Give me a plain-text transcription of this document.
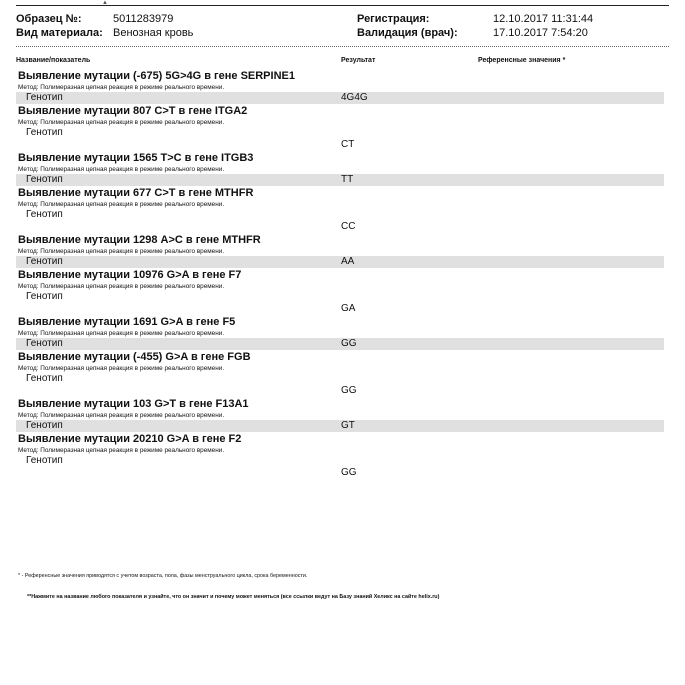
▲
Образец №:	5011283979
Вид материала: Венозная кровь
Регистрация:	12.10.2017 11:31:44
Валидация (врач):	17.10.2017 7:54:20
Название/показатель	Результат	Референсные значения *
Выявление мутации (-675) 5G>4G в гене SERPINE1
Метод: Полимеразная цепная реакция в режиме реального времени.
Генотип	4G4G
Выявление мутации 807 C>T в гене ITGA2
Метод: Полимеразная цепная реакция в режиме реального времени.
Генотип
CT
Выявление мутации 1565 T>C в гене ITGB3
Метод: Полимеразная цепная реакция в режиме реального времени.
Генотип	TT
Выявление мутации 677 C>T в гене MTHFR
Метод: Полимеразная цепная реакция в режиме реального времени.
Генотип
CC
Выявление мутации 1298 A>C в гене MTHFR
Метод: Полимеразная цепная реакция в режиме реального времени.
Генотип	AA
Выявление мутации 10976 G>A в гене F7
Метод: Полимеразная цепная реакция в режиме реального времени.
Генотип
GA
Выявление мутации 1691 G>A в гене F5
Метод: Полимеразная цепная реакция в режиме реального времени.
Генотип	GG
Выявление мутации (-455) G>A в гене FGB
Метод: Полимеразная цепная реакция в режиме реального времени.
Генотип
GG
Выявление мутации 103 G>T в гене F13A1
Метод: Полимеразная цепная реакция в режиме реального времени.
Генотип	GT
Выявление мутации 20210 G>A в гене F2
Метод: Полимеразная цепная реакция в режиме реального времени.
Генотип
GG
* - Референсные значения приводятся с учетом возраста, пола, фазы менструального цикла, срока беременности.
**Нажмите на название любого показателя и узнайте, что он значит и почему может меняться (все ссылки ведут на Базу знаний Хеликс на сайте helix.ru)
